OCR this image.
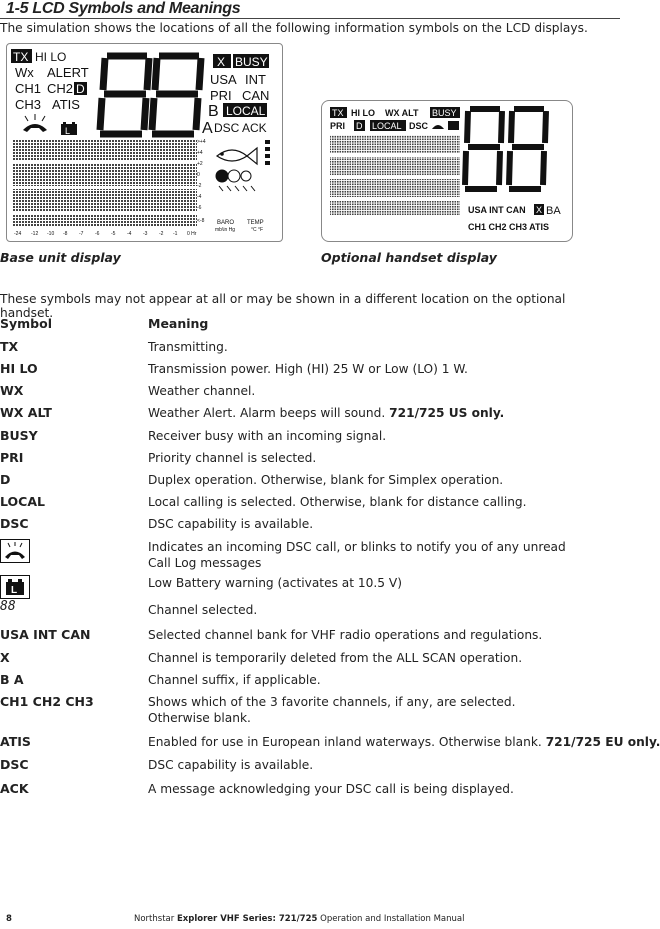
1-5 LCD Symbols and Meanings
The simulation shows the locations of all the following information symbols on the LCD displays.
TX HI LO
Wx ALERT
CH1 CH2 D
CH3 ATIS
L
X BUSY
USA INT
PRI CAN
B LOCAL
A DSC ACK
-24 -12 -10 -8 -7 -6 -5 -4 -3 -2 -1 0 Hr
>+4
+4
+2
0
-2
-4
-6
<-8 BARO
mb\in Hg
TEMP
°C °F
TX HI LO WX ALT BUSY
PRI D LOCAL DSC
USA INT CAN X BA
CH1 CH2 CH3 ATIS
Base unit display	Optional handset display
These symbols may not appear at all or may be shown in a different location on the optional handset.
Symbol	Meaning
TX	Transmitting.
HI LO	Transmission power. High (HI) 25 W or Low (LO) 1 W.
WX	Weather channel.
WX ALT	Weather Alert. Alarm beeps will sound. 721/725 US only.
BUSY	Receiver busy with an incoming signal.
PRI	Priority channel is selected.
D	Duplex operation. Otherwise, blank for Simplex operation.
LOCAL	Local calling is selected. Otherwise, blank for distance calling.
DSC	DSC capability is available.
Indicates an incoming DSC call, or blinks to notify you of any unread
Call Log messages
L
Low Battery warning (activates at 10.5 V)
88	Channel selected.
USA INT CAN	Selected channel bank for VHF radio operations and regulations.
X	Channel is temporarily deleted from the ALL SCAN operation.
B A	Channel suffix, if applicable.
CH1 CH2 CH3	Shows which of the 3 favorite channels, if any, are selected.
Otherwise blank.
ATIS	Enabled for use in European inland waterways. Otherwise blank. 721/725 EU only.
DSC	DSC capability is available.
ACK	A message acknowledging your DSC call is being displayed.
8	Northstar Explorer VHF Series: 721/725 Operation and Installation Manual
